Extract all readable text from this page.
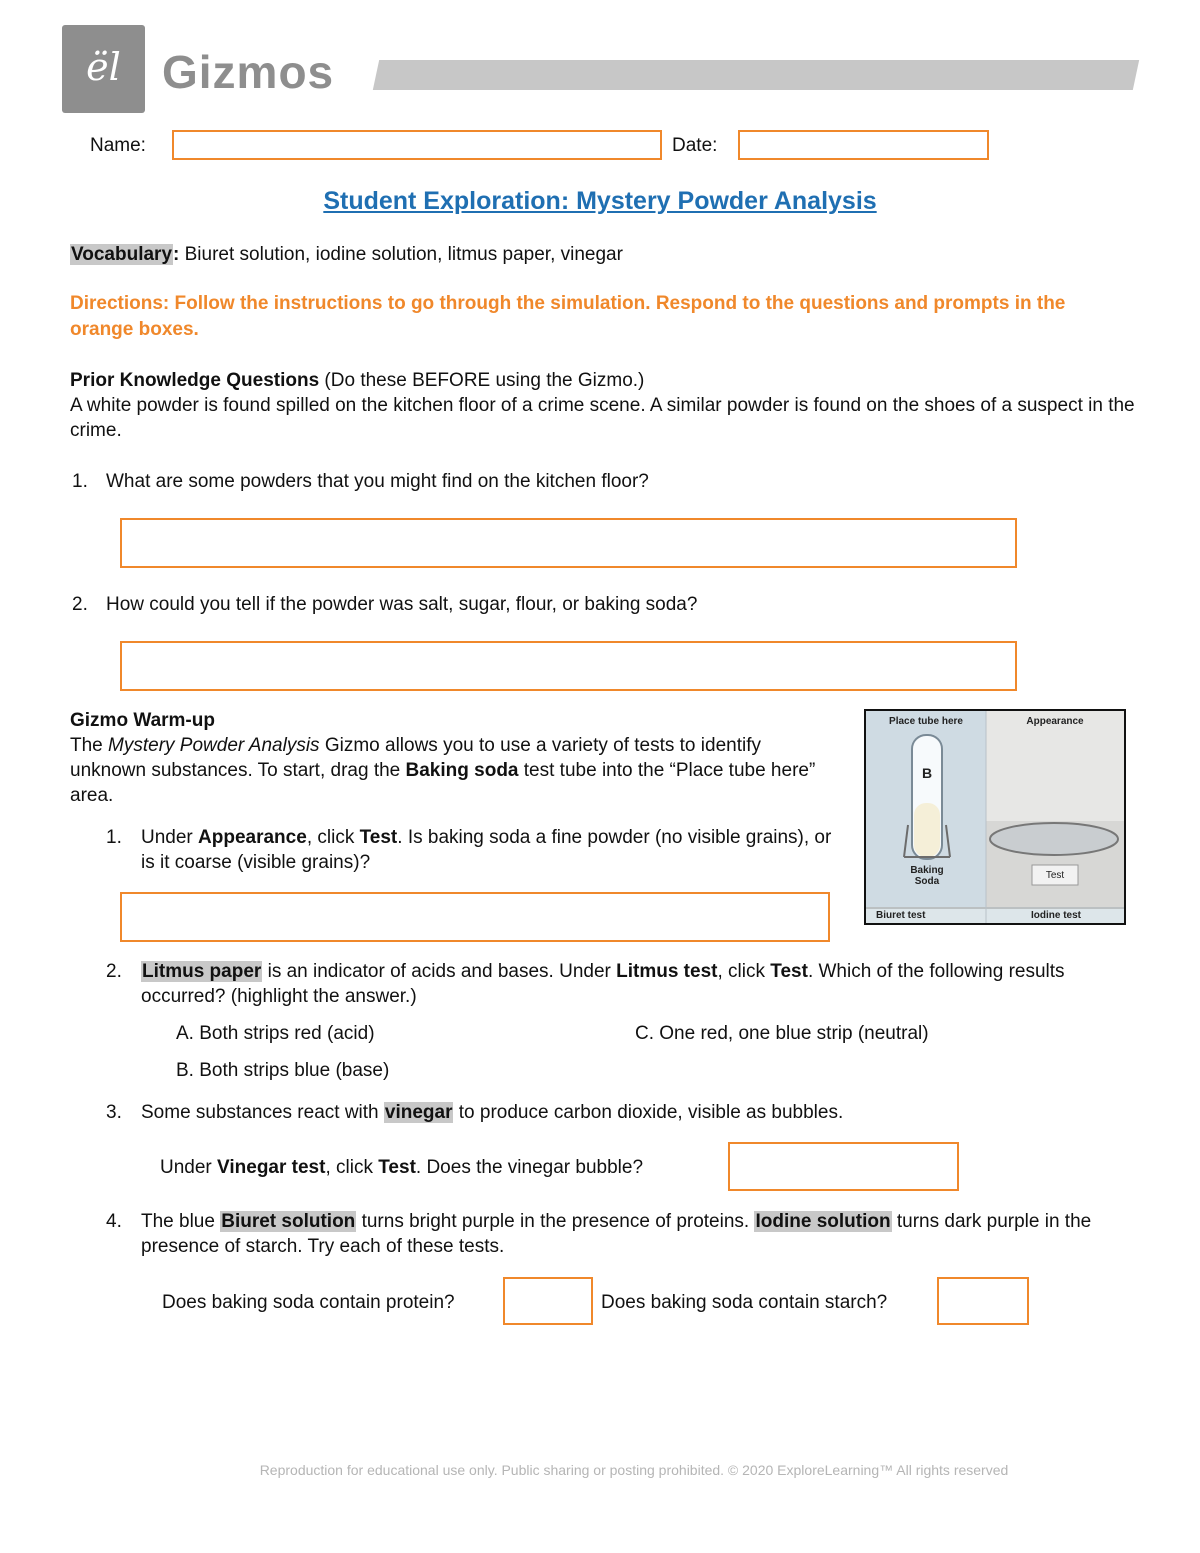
ël Gizmos
Name:	Date:
Student Exploration: Mystery Powder Analysis
Vocabulary: Biuret solution, iodine solution, litmus paper, vinegar
Directions: Follow the instructions to go through the simulation. Respond to the questions and prompts in the orange boxes.
Prior Knowledge Questions (Do these BEFORE using the Gizmo.)
A white powder is found spilled on the kitchen floor of a crime scene. A similar powder is found on the shoes of a suspect in the crime.
1. What are some powders that you might find on the kitchen floor?
2. How could you tell if the powder was salt, sugar, flour, or baking soda?
Gizmo Warm-up
The Mystery Powder Analysis Gizmo allows you to use a variety of tests to identify unknown substances. To start, drag the Baking soda test tube into the “Place tube here” area.
Place tube here	Appearance
B
Baking
Soda
Test
Biuret test	Iodine test
1. Under Appearance, click Test. Is baking soda a fine powder (no visible grains), or is it coarse (visible grains)?
2. Litmus paper is an indicator of acids and bases. Under Litmus test, click Test. Which of the following results occurred? (highlight the answer.)
A. Both strips red (acid)	C. One red, one blue strip (neutral)
B. Both strips blue (base)
3. Some substances react with vinegar to produce carbon dioxide, visible as bubbles.
Under Vinegar test, click Test. Does the vinegar bubble?
4. The blue Biuret solution turns bright purple in the presence of proteins. Iodine solution turns dark purple in the presence of starch. Try each of these tests.
Does baking soda contain protein?	Does baking soda contain starch?
Reproduction for educational use only. Public sharing or posting prohibited. © 2020 ExploreLearning™ All rights reserved
